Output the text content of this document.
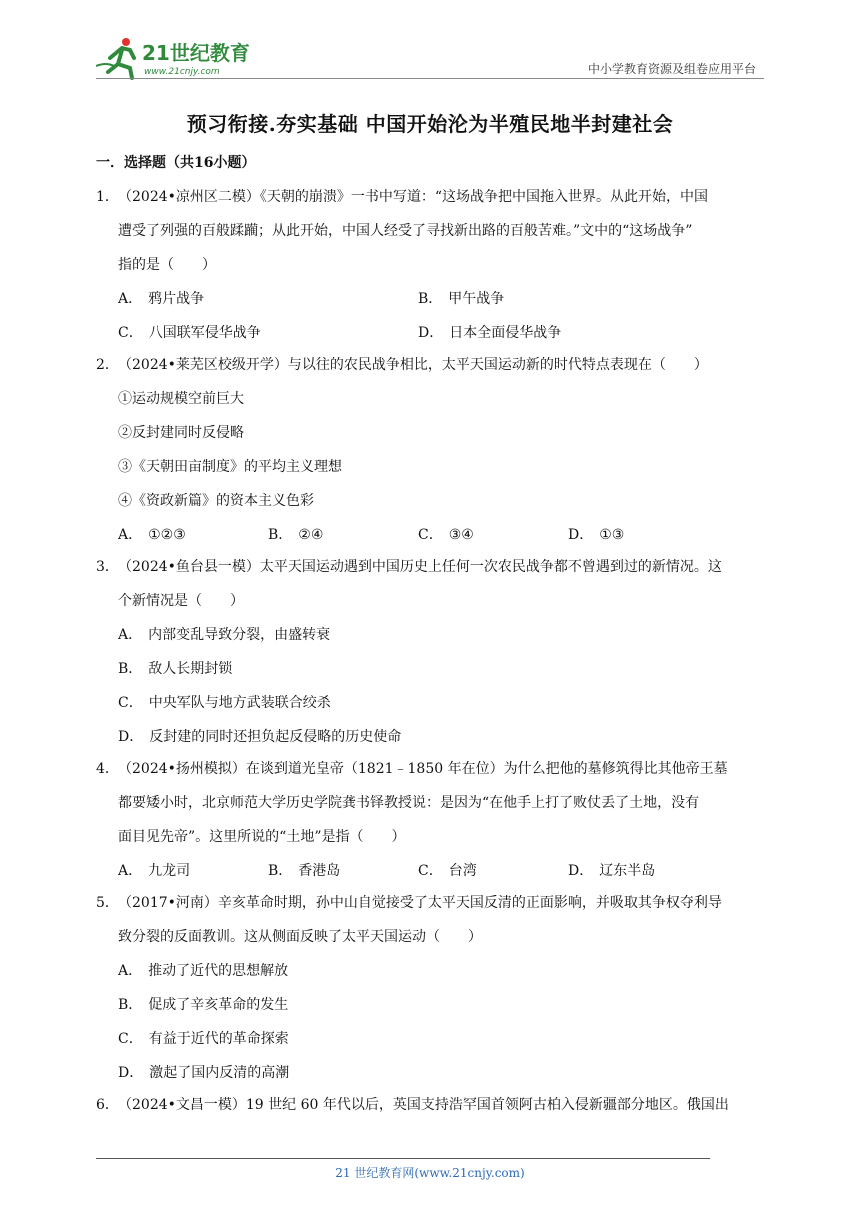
21世纪教育
www.21cnjy.com	中小学教育资源及组卷应用平台
预习衔接.夯实基础 中国开始沦为半殖民地半封建社会
一．选择题（共16小题）

1．（2024•凉州区二模）《天朝的崩溃》一书中写道：“这场战争把中国拖入世界。从此开始，中国

遭受了列强的百般蹂躏；从此开始，中国人经受了寻找新出路的百般苦难。”文中的“这场战争”

指的是（　　）

A． 鸦片战争	B． 甲午战争
C． 八国联军侵华战争	D． 日本全面侵华战争

2．（2024•莱芜区校级开学）与以往的农民战争相比，太平天国运动新的时代特点表现在（　　）

①运动规模空前巨大

②反封建同时反侵略

③《天朝田亩制度》的平均主义理想

④《资政新篇》的资本主义色彩

A． ①②③	B． ②④	C． ③④	D． ①③

3．（2024•鱼台县一模）太平天国运动遇到中国历史上任何一次农民战争都不曾遇到过的新情况。这

个新情况是（　　）

A． 内部变乱导致分裂，由盛转衰
B． 敌人长期封锁
C． 中央军队与地方武装联合绞杀
D． 反封建的同时还担负起反侵略的历史使命

4．（2024•扬州模拟）在谈到道光皇帝（1821﹣1850 年在位）为什么把他的墓修筑得比其他帝王墓

都要矮小时，北京师范大学历史学院龚书铎教授说：是因为“在他手上打了败仗丢了土地，没有

面目见先帝”。这里所说的“土地”是指（　　）

A． 九龙司	B． 香港岛	C． 台湾	D． 辽东半岛

5．（2017•河南）辛亥革命时期，孙中山自觉接受了太平天国反清的正面影响，并吸取其争权夺利导

致分裂的反面教训。这从侧面反映了太平天国运动（　　）

A． 推动了近代的思想解放
B． 促成了辛亥革命的发生
C． 有益于近代的革命探索
D． 激起了国内反清的高潮

6．（2024•文昌一模）19 世纪 60 年代以后，英国支持浩罕国首领阿古柏入侵新疆部分地区。俄国出

21 世纪教育网(www.21cnjy.com)
